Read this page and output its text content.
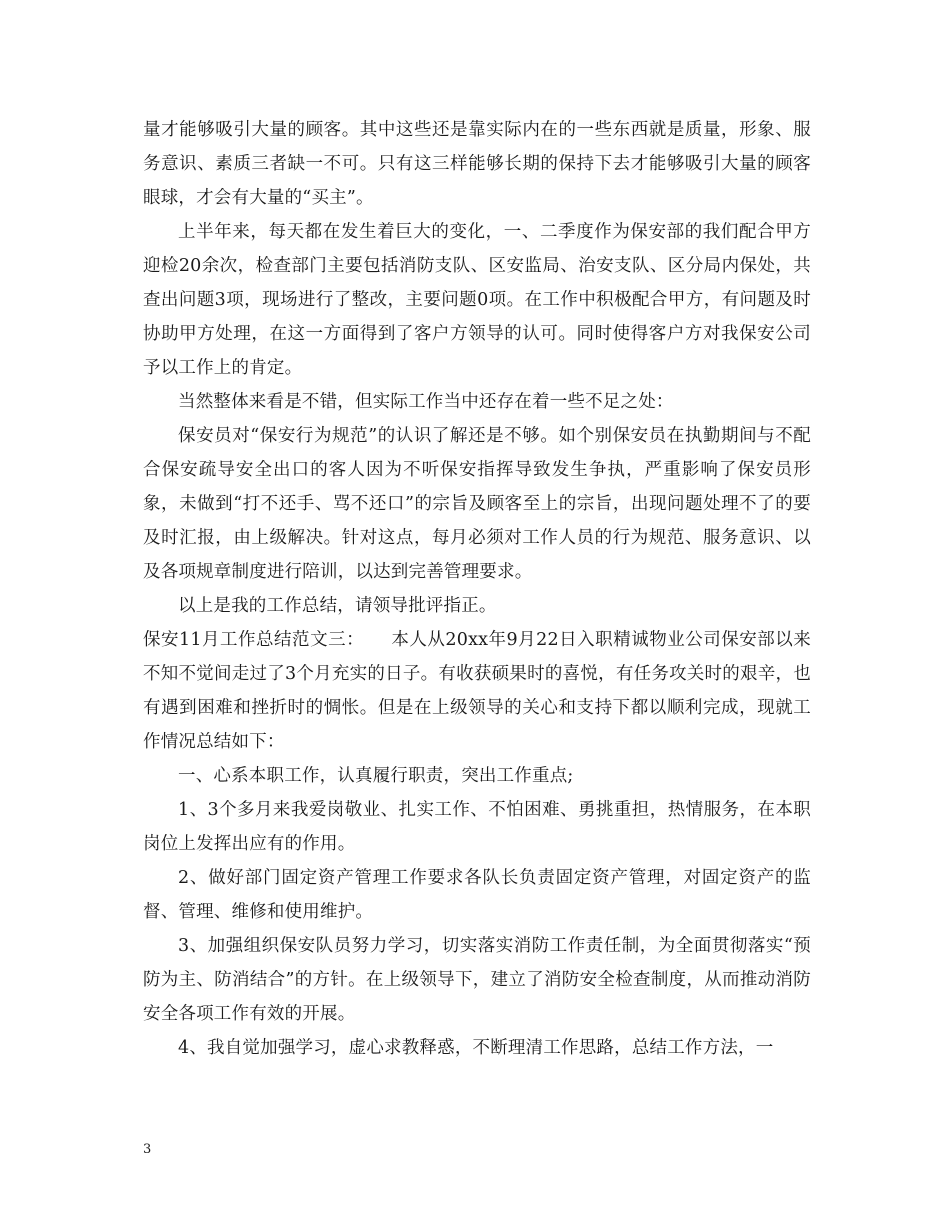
量才能够吸引大量的顾客。其中这些还是靠实际内在的一些东西就是质量，形象、服务意识、素质三者缺一不可。只有这三样能够长期的保持下去才能够吸引大量的顾客眼球，才会有大量的“买主”。

上半年来，每天都在发生着巨大的变化，一、二季度作为保安部的我们配合甲方迎检20余次，检查部门主要包括消防支队、区安监局、治安支队、区分局内保处，共查出问题3项，现场进行了整改，主要问题0项。在工作中积极配合甲方，有问题及时协助甲方处理，在这一方面得到了客户方领导的认可。同时使得客户方对我保安公司予以工作上的肯定。

当然整体来看是不错，但实际工作当中还存在着一些不足之处：

保安员对“保安行为规范”的认识了解还是不够。如个别保安员在执勤期间与不配合保安疏导安全出口的客人因为不听保安指挥导致发生争执，严重影响了保安员形象，未做到“打不还手、骂不还口”的宗旨及顾客至上的宗旨，出现问题处理不了的要及时汇报，由上级解决。针对这点，每月必须对工作人员的行为规范、服务意识、以及各项规章制度进行陪训，以达到完善管理要求。

以上是我的工作总结，请领导批评指正。

保安11月工作总结范文三：　　本人从20xx年9月22日入职精诚物业公司保安部以来不知不觉间走过了3个月充实的日子。有收获硕果时的喜悦，有任务攻关时的艰辛，也有遇到困难和挫折时的惆怅。但是在上级领导的关心和支持下都以顺利完成，现就工作情况总结如下：

一、心系本职工作，认真履行职责，突出工作重点;

1、3个多月来我爱岗敬业、扎实工作、不怕困难、勇挑重担，热情服务，在本职岗位上发挥出应有的作用。

2、做好部门固定资产管理工作要求各队长负责固定资产管理，对固定资产的监督、管理、维修和使用维护。

3、加强组织保安队员努力学习，切实落实消防工作责任制，为全面贯彻落实“预防为主、防消结合”的方针。在上级领导下，建立了消防安全检查制度，从而推动消防安全各项工作有效的开展。

4、我自觉加强学习，虚心求教释惑，不断理清工作思路，总结工作方法，一

3
